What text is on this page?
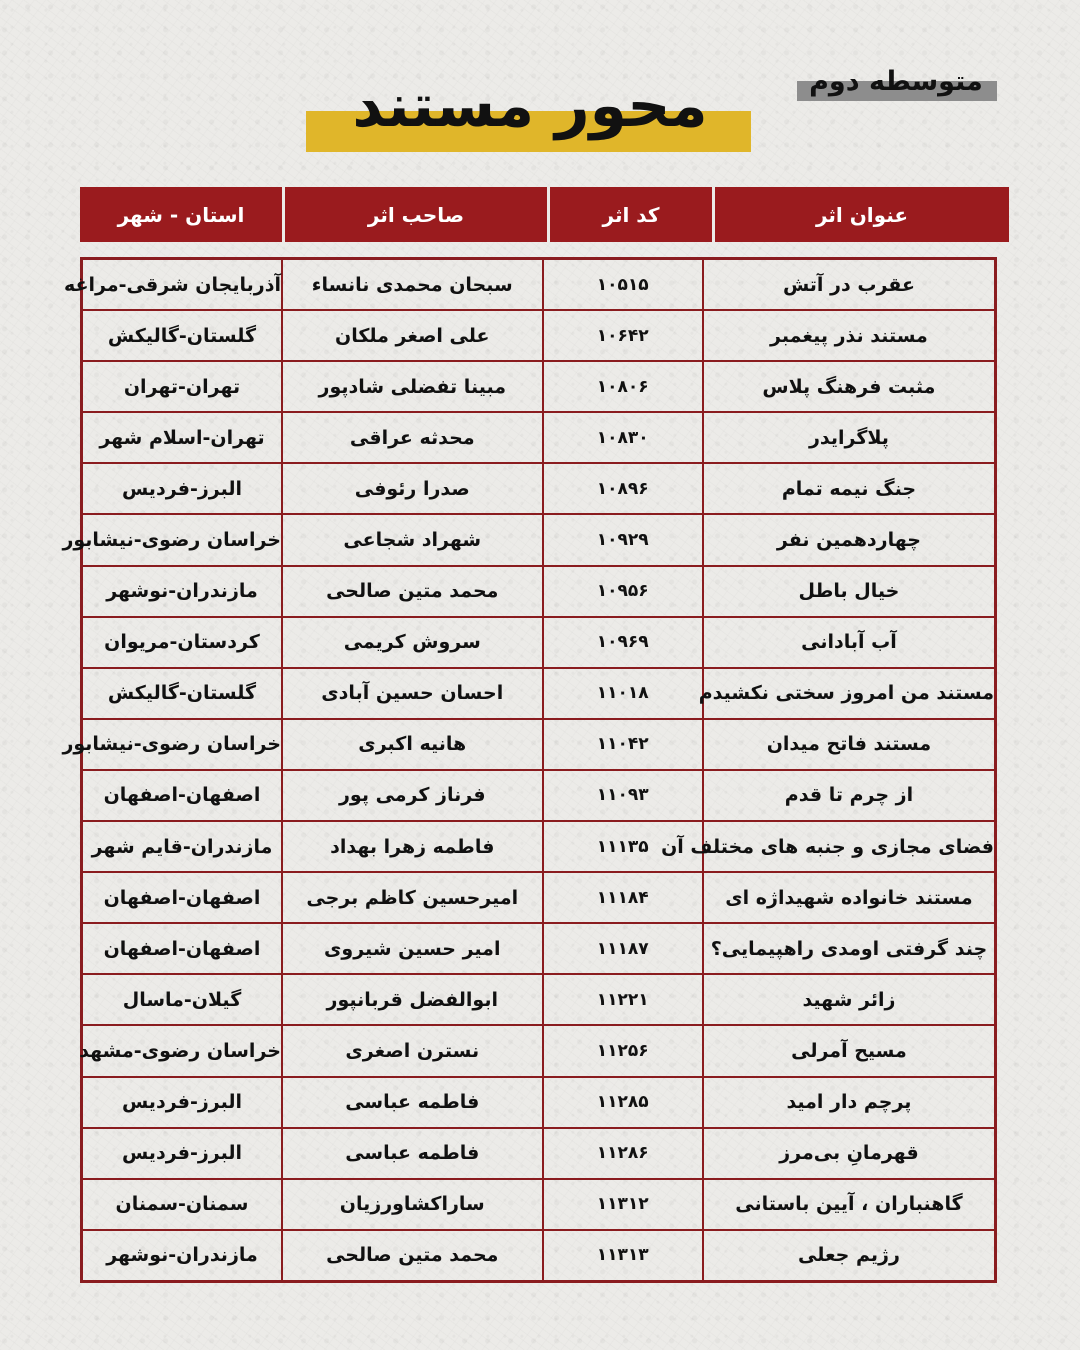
متوسطه دوم
محور مستند
عنوان اثر	کد اثر	صاحب اثر	استان - شهر
عقرب در آتش	۱۰۵۱۵	سبحان محمدی نانساء	آذربایجان شرقی-مراغه
مستند نذر پیغمبر	۱۰۶۴۲	علی اصغر ملکان	گلستان-گالیکش
مثبت فرهنگ پلاس	۱۰۸۰۶	مبینا تفضلی شادپور	تهران-تهران
پلاگرایدر	۱۰۸۳۰	محدثه عراقی	تهران-اسلام شهر
جنگ نیمه تمام	۱۰۸۹۶	صدرا رئوفی	البرز-فردیس
چهاردهمین نفر	۱۰۹۲۹	شهراد شجاعی	خراسان رضوی-نیشابور
خیال باطل	۱۰۹۵۶	محمد متین صالحی	مازندران-نوشهر
آب آبادانی	۱۰۹۶۹	سروش کریمی	کردستان-مریوان
مستند من امروز سختی نکشیدم	۱۱۰۱۸	احسان حسین آبادی	گلستان-گالیکش
مستند فاتح میدان	۱۱۰۴۲	هانیه اکبری	خراسان رضوی-نیشابور
از چرم تا قدم	۱۱۰۹۳	فرناز کرمی پور	اصفهان-اصفهان
فضای مجازی و جنبه های مختلف آن	۱۱۱۳۵	فاطمه زهرا بهداد	مازندران-قایم شهر
مستند خانواده شهیداژه ای	۱۱۱۸۴	امیرحسین کاظم برجی	اصفهان-اصفهان
چند گرفتی اومدی راهپیمایی؟	۱۱۱۸۷	امیر حسین شیروی	اصفهان-اصفهان
زائر شهید	۱۱۲۲۱	ابوالفضل قربانپور	گیلان-ماسال
مسیح آمرلی	۱۱۲۵۶	نسترن اصغری	خراسان رضوی-مشهد
پرچم دار امید	۱۱۲۸۵	فاطمه عباسی	البرز-فردیس
قهرمانِ بی‌مرز	۱۱۲۸۶	فاطمه عباسی	البرز-فردیس
گاهنباران ، آیین باستانی	۱۱۳۱۲	ساراکشاورزیان	سمنان-سمنان
رژیم جعلی	۱۱۳۱۳	محمد متین صالحی	مازندران-نوشهر
